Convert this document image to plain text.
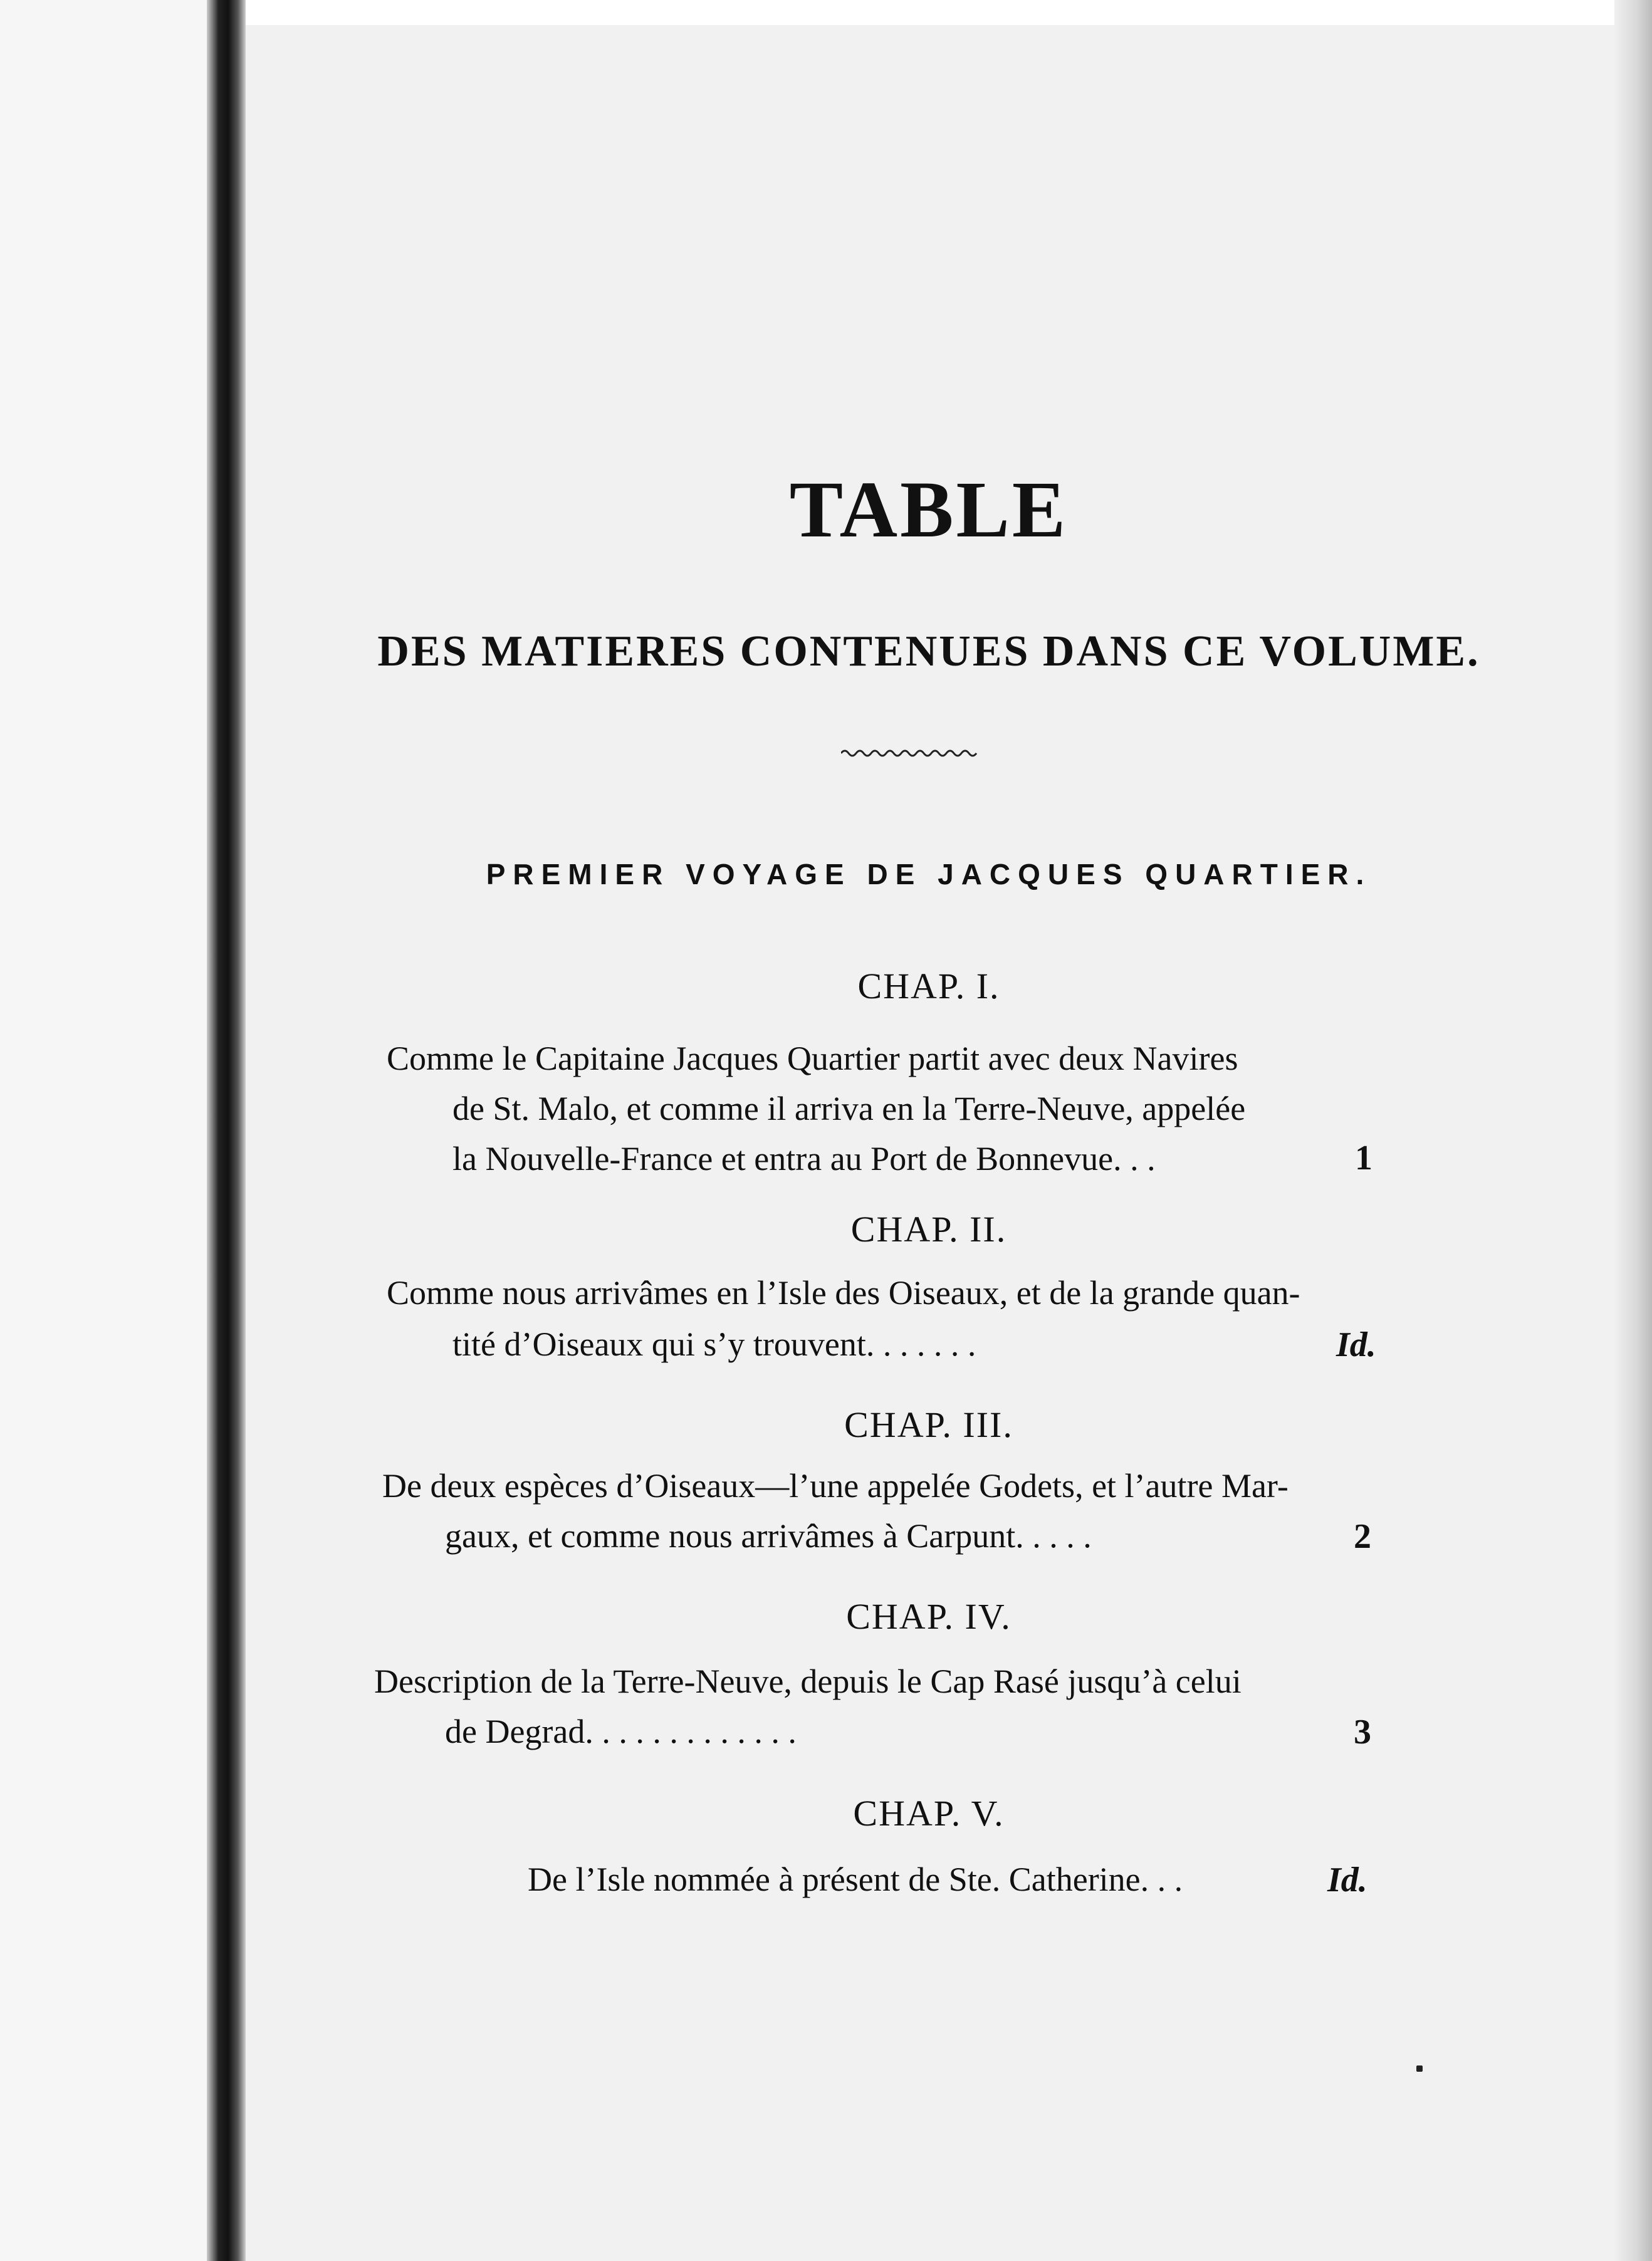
TABLE
DES MATIERES CONTENUES DANS CE VOLUME.
PREMIER VOYAGE DE JACQUES QUARTIER.
CHAP. I.
Comme le Capitaine Jacques Quartier partit avec deux Navires
de St. Malo, et comme il arriva en la Terre-Neuve, appelée
la Nouvelle-France et entra au Port de Bonnevue. . .	1
CHAP. II.
Comme nous arrivâmes en l’Isle des Oiseaux, et de la grande quan-
tité d’Oiseaux qui s’y trouvent. . . . . . .	Id.
CHAP. III.
De deux espèces d’Oiseaux—l’une appelée Godets, et l’autre Mar-
gaux, et comme nous arrivâmes à Carpunt. . . . .	2
CHAP. IV.
Description de la Terre-Neuve, depuis le Cap Rasé jusqu’à celui
de Degrad. . . . . . . . . . . . .	3
CHAP. V.
De l’Isle nommée à présent de Ste. Catherine. . .	Id.
